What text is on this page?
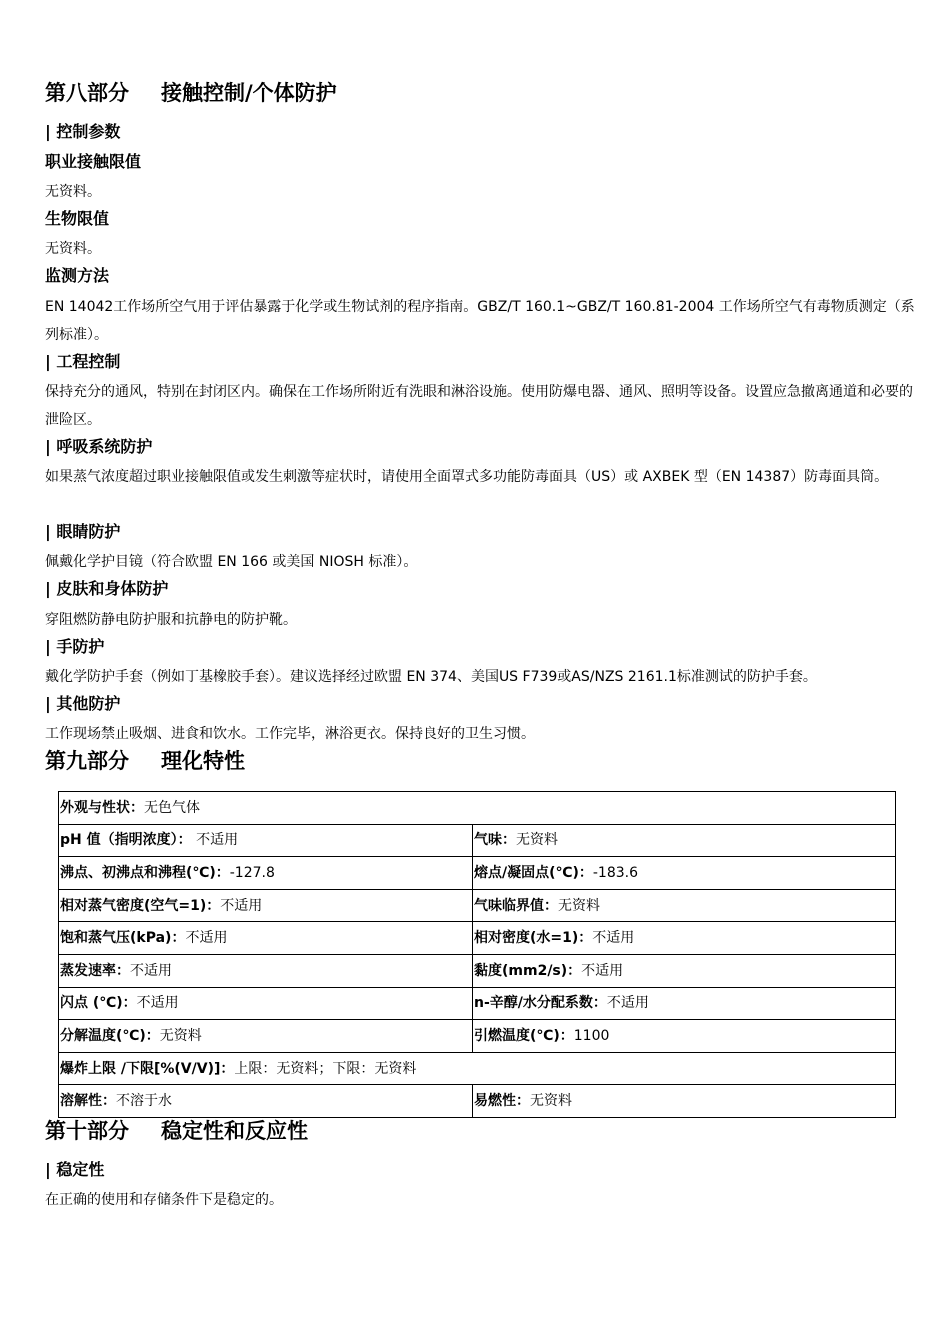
第八部分 接触控制/个体防护
| 控制参数
职业接触限值
无资料。
生物限值
无资料。
监测方法
EN 14042工作场所空气用于评估暴露于化学或生物试剂的程序指南。GBZ/T 160.1~GBZ/T 160.81-2004 工作场所空气有毒物质测定（系列标准）。
| 工程控制
保持充分的通风，特别在封闭区内。确保在工作场所附近有洗眼和淋浴设施。使用防爆电器、通风、照明等设备。设置应急撤离通道和必要的泄险区。
| 呼吸系统防护
如果蒸气浓度超过职业接触限值或发生刺激等症状时，请使用全面罩式多功能防毒面具（US）或 AXBEK 型（EN 14387）防毒面具筒。
| 眼睛防护
佩戴化学护目镜（符合欧盟 EN 166 或美国 NIOSH 标准）。
| 皮肤和身体防护
穿阻燃防静电防护服和抗静电的防护靴。
| 手防护
戴化学防护手套（例如丁基橡胶手套）。建议选择经过欧盟 EN 374、美国US F739或AS/NZS 2161.1标准测试的防护手套。
| 其他防护
工作现场禁止吸烟、进食和饮水。工作完毕，淋浴更衣。保持良好的卫生习惯。
第九部分 理化特性
外观与性状：无色气体	
pH 值（指明浓度）： 不适用	气味：无资料
沸点、初沸点和沸程(℃)：-127.8	熔点/凝固点(℃)：-183.6
相对蒸气密度(空气=1)：不适用	气味临界值：无资料
饱和蒸气压(kPa)：不适用	相对密度(水=1)：不适用
蒸发速率：不适用	黏度(mm2/s)：不适用
闪点 (℃)：不适用	n-辛醇/水分配系数：不适用
分解温度(℃)：无资料	引燃温度(℃)：1100
爆炸上限 /下限[%(V/V)]：上限：无资料；下限：无资料	
溶解性：不溶于水	易燃性：无资料
第十部分 稳定性和反应性
| 稳定性
在正确的使用和存储条件下是稳定的。
